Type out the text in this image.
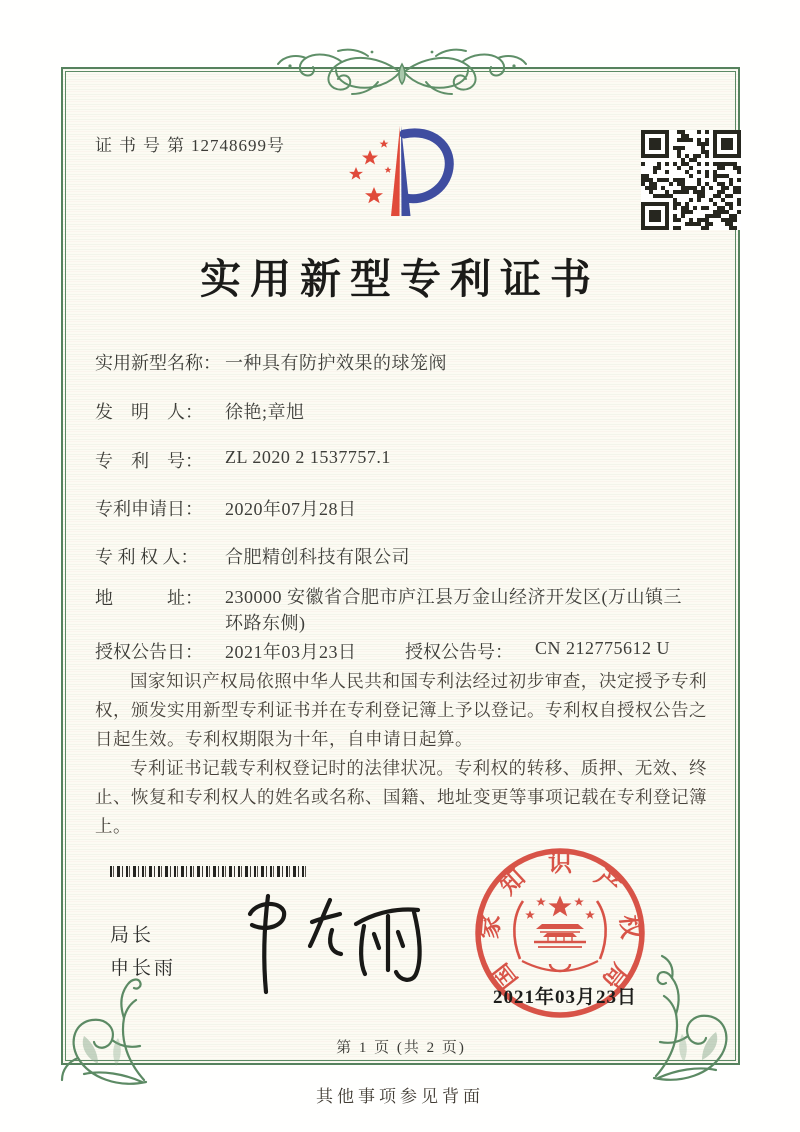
证书号第12748699号
实用新型专利证书
实用新型名称： 一种具有防护效果的球笼阀
发　明　人： 徐艳;章旭
专　利　号： ZL 2020 2 1537757.1
专利申请日： 2020年07月28日
专 利 权 人： 合肥精创科技有限公司
地　　　址： 230000 安徽省合肥市庐江县万金山经济开发区(万山镇三环路东侧)
授权公告日： 2021年03月23日	授权公告号： CN 212775612 U

国家知识产权局依照中华人民共和国专利法经过初步审查，决定授予专利权，颁发实用新型专利证书并在专利登记簿上予以登记。专利权自授权公告之日起生效。专利权期限为十年，自申请日起算。

专利证书记载专利权登记时的法律状况。专利权的转移、质押、无效、终止、恢复和专利权人的姓名或名称、国籍、地址变更等事项记载在专利登记簿上。

局长
申长雨	国
家
知
识
产
权
局
2021年03月23日
第 1 页 (共 2 页)
其他事项参见背面
